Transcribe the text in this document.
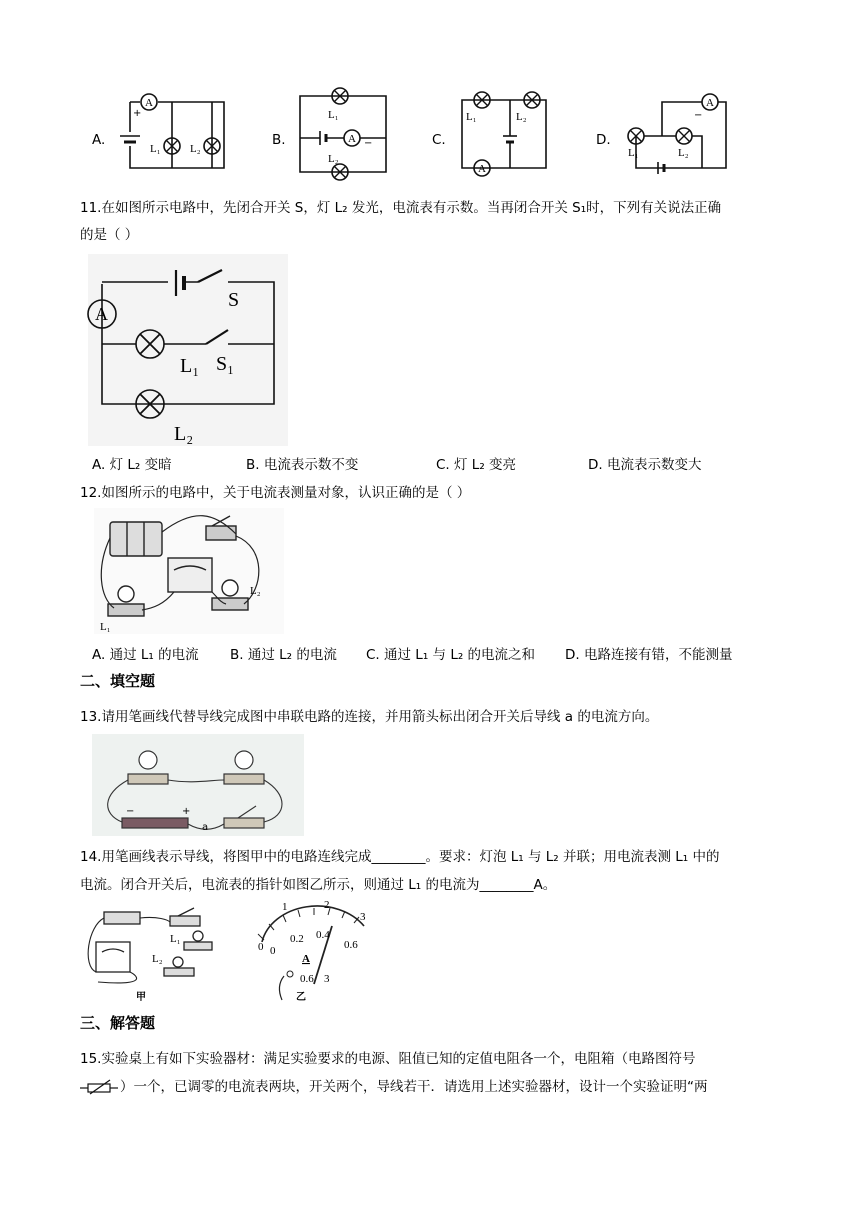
A.	B.	C.	D.
A
+
L₁	L₂
L₁
A −
L₂
L₁	L₂
A
A
−
L₁	L₂
11.在如图所示电路中，先闭合开关 S，灯 L₂ 发光，电流表有示数。当再闭合开关 S₁时，下列有关说法正确
的是（ ）
A
S
L₁ S₁
L₂
A. 灯 L₂ 变暗	B. 电流表示数不变	C. 灯 L₂ 变亮	D. 电流表示数变大
12.如图所示的电路中，关于电流表测量对象，认识正确的是（ ）
L₁
L₂
A. 通过 L₁ 的电流 B. 通过 L₂ 的电流 C. 通过 L₁ 与 L₂ 的电流之和 D. 电路连接有错，不能测量
二、填空题
13.请用笔画线代替导线完成图中串联电路的连接，并用箭头标出闭合开关后导线 a 的电流方向。
−	+
a
14.用笔画线表示导线，将图甲中的电路连线完成________。要求：灯泡 L₁ 与 L₂ 并联；用电流表测 L₁ 中的
电流。闭合开关后，电流表的指针如图乙所示，则通过 L₁ 的电流为________A。
L₁
L₂
甲
0
1	2
3
0
0.2 0.4
0.6
A
0.6 3
乙
三、解答题
15.实验桌上有如下实验器材：满足实验要求的电源、阻值已知的定值电阻各一个，电阻箱（电路图符号
）一个，已调零的电流表两块，开关两个，导线若干．请选用上述实验器材，设计一个实验证明“两
